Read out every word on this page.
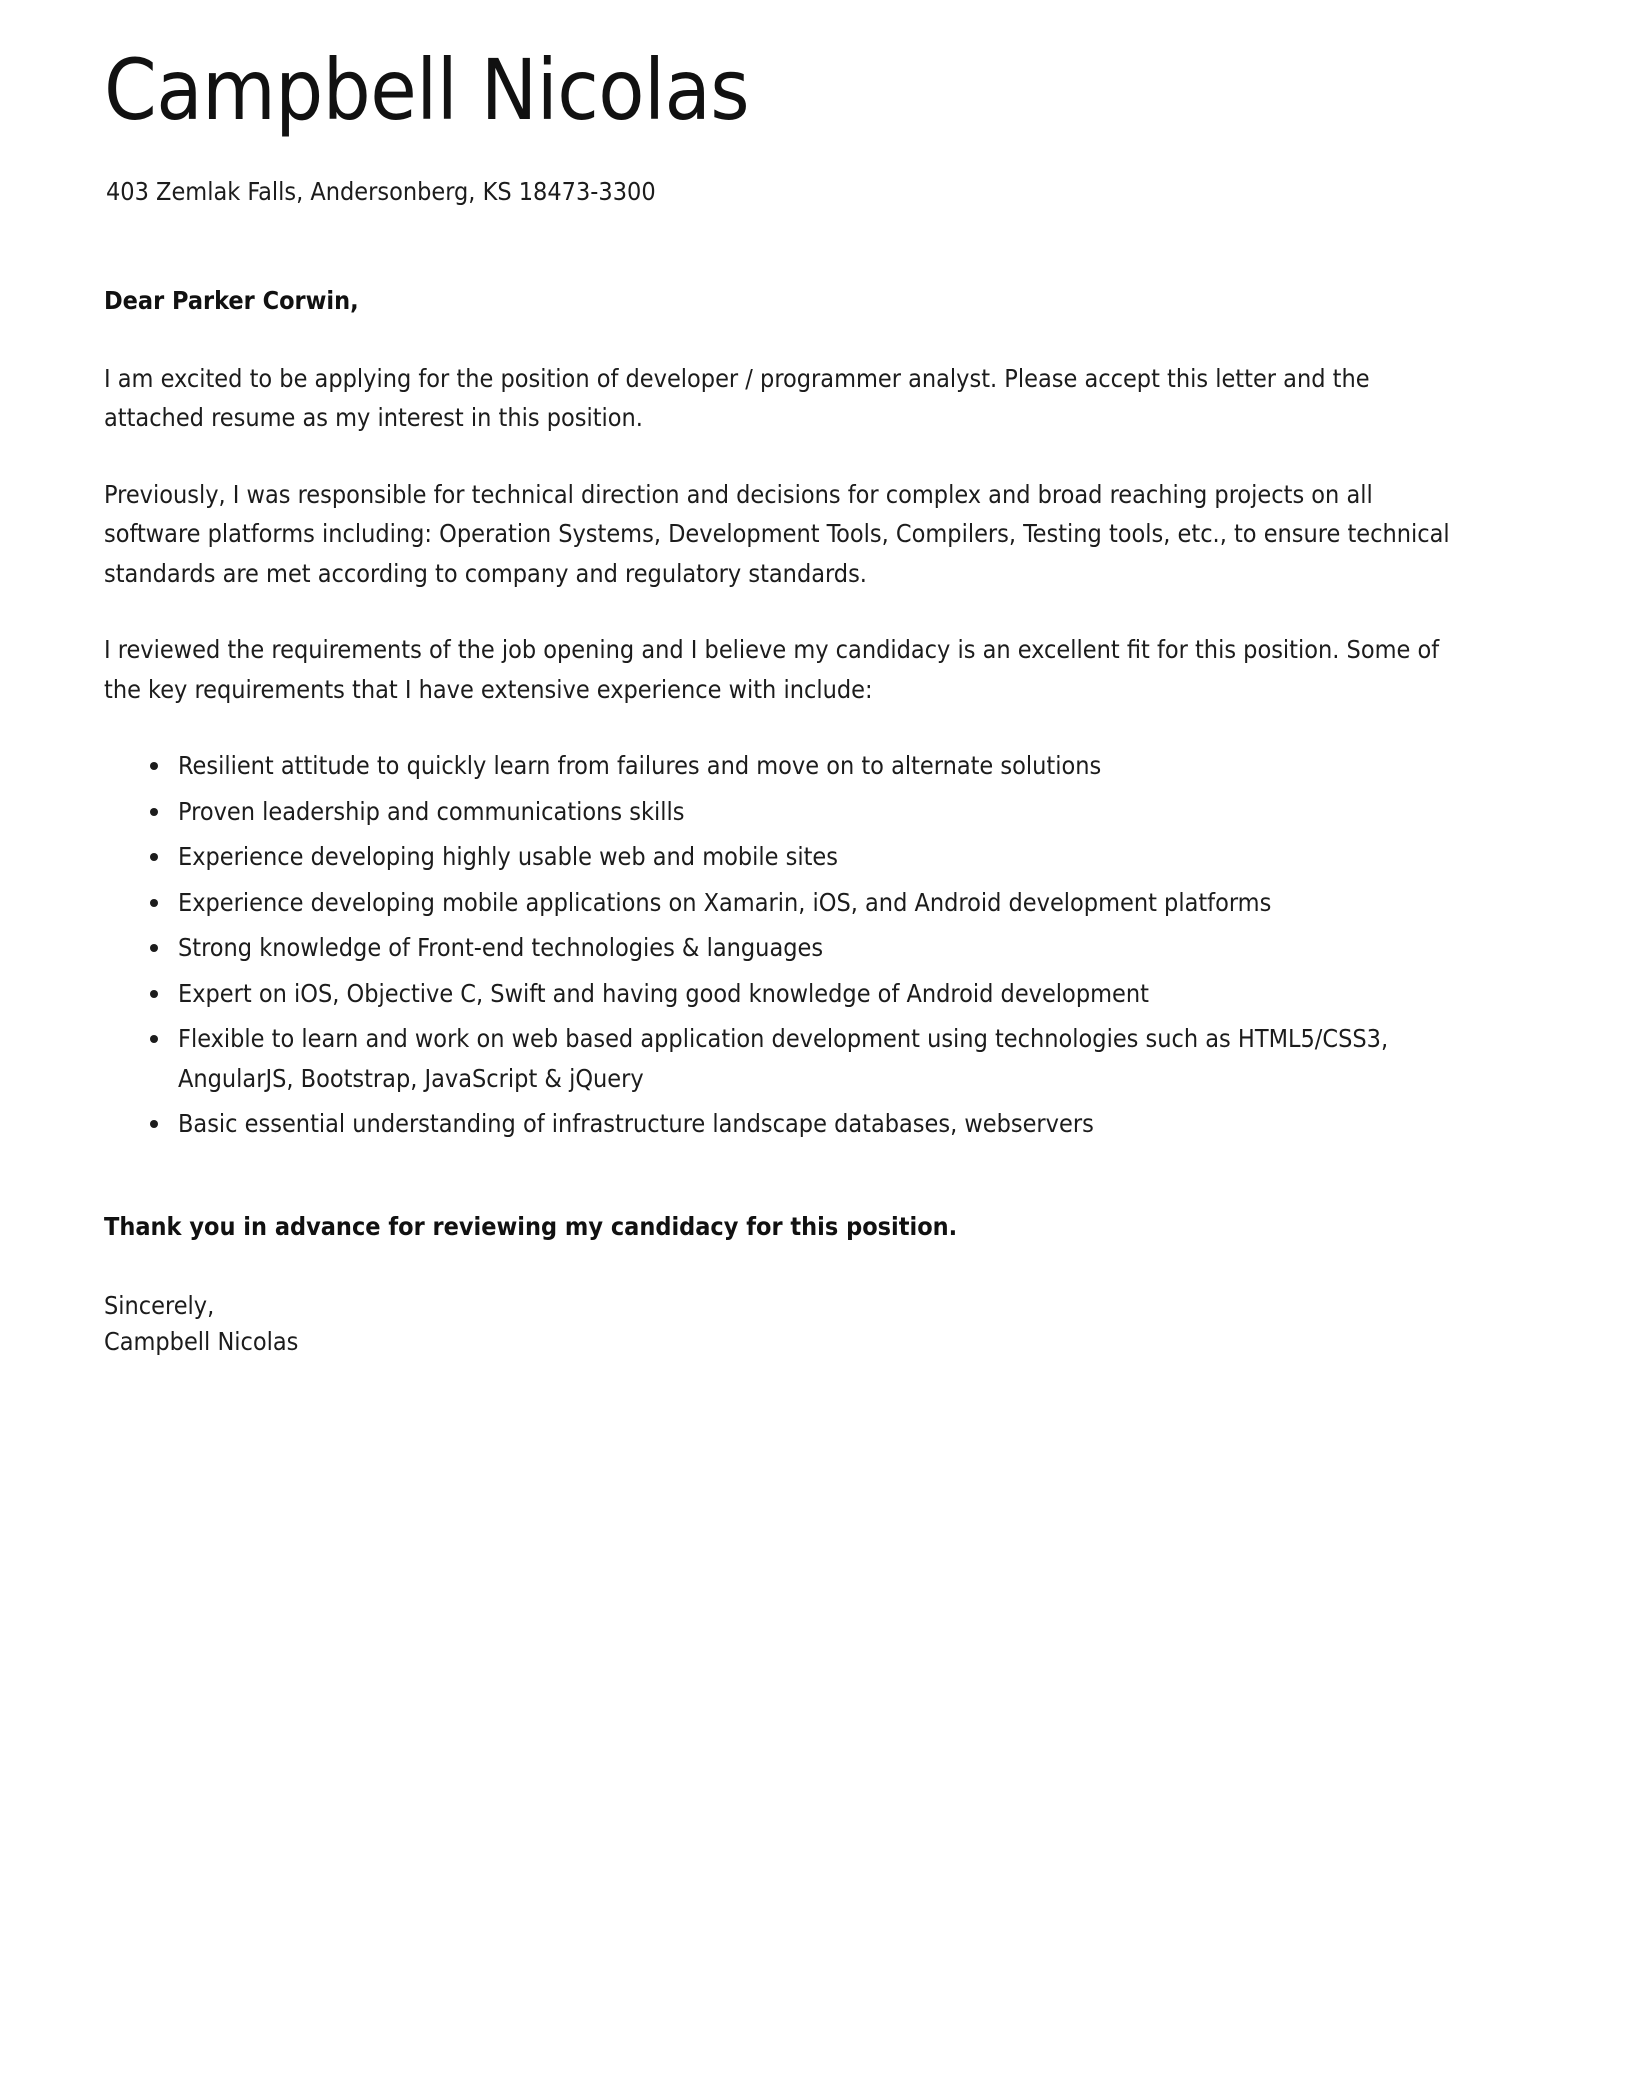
Campbell Nicolas
403 Zemlak Falls, Andersonberg, KS 18473-3300

Dear Parker Corwin,

I am excited to be applying for the position of developer / programmer analyst. Please accept this letter and the attached resume as my interest in this position.

Previously, I was responsible for technical direction and decisions for complex and broad reaching projects on all software platforms including: Operation Systems, Development Tools, Compilers, Testing tools, etc., to ensure technical standards are met according to company and regulatory standards.

I reviewed the requirements of the job opening and I believe my candidacy is an excellent fit for this position. Some of the key requirements that I have extensive experience with include:

Resilient attitude to quickly learn from failures and move on to alternate solutions
Proven leadership and communications skills
Experience developing highly usable web and mobile sites
Experience developing mobile applications on Xamarin, iOS, and Android development platforms
Strong knowledge of Front-end technologies & languages
Expert on iOS, Objective C, Swift and having good knowledge of Android development
Flexible to learn and work on web based application development using technologies such as HTML5/CSS3, AngularJS, Bootstrap, JavaScript & jQuery
Basic essential understanding of infrastructure landscape databases, webservers

Thank you in advance for reviewing my candidacy for this position.

Sincerely,

Campbell Nicolas
